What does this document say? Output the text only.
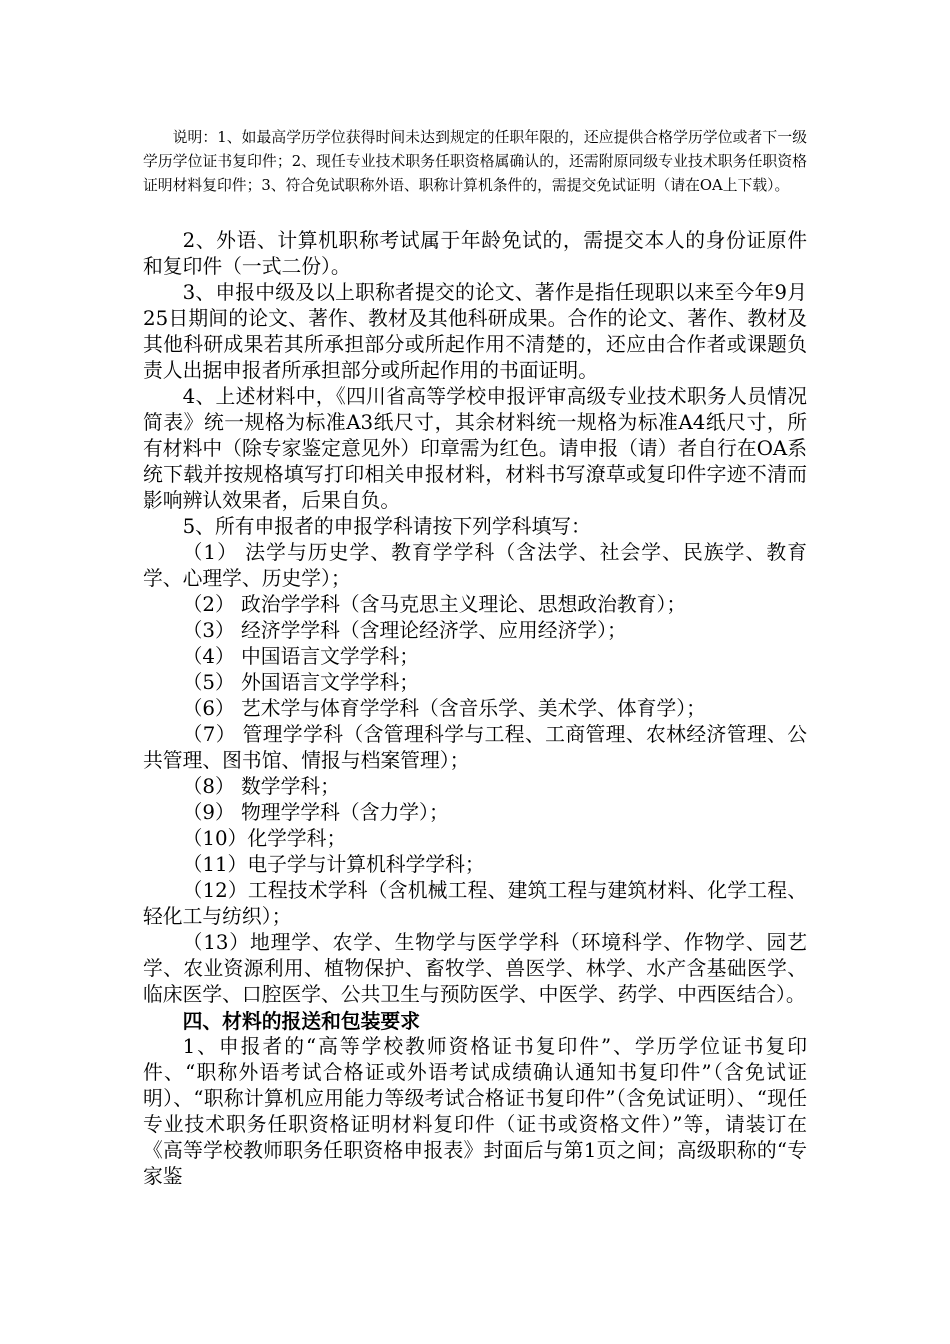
说明：1、如最高学历学位获得时间未达到规定的任职年限的，还应提供合格学历学位或者下一级学历学位证书复印件；2、现任专业技术职务任职资格属确认的，还需附原同级专业技术职务任职资格证明材料复印件；3、符合免试职称外语、职称计算机条件的，需提交免试证明（请在OA上下载）。

2、外语、计算机职称考试属于年龄免试的，需提交本人的身份证原件和复印件（一式二份）。

3、申报中级及以上职称者提交的论文、著作是指任现职以来至今年9月25日期间的论文、著作、教材及其他科研成果。合作的论文、著作、教材及其他科研成果若其所承担部分或所起作用不清楚的，还应由合作者或课题负责人出据申报者所承担部分或所起作用的书面证明。

4、上述材料中，《四川省高等学校申报评审高级专业技术职务人员情况简表》统一规格为标准A3纸尺寸，其余材料统一规格为标准A4纸尺寸，所有材料中（除专家鉴定意见外）印章需为红色。请申报（请）者自行在OA系统下载并按规格填写打印相关申报材料，材料书写潦草或复印件字迹不清而影响辨认效果者，后果自负。

5、所有申报者的申报学科请按下列学科填写：

（1） 法学与历史学、教育学学科（含法学、社会学、民族学、教育学、心理学、历史学）；

（2） 政治学学科（含马克思主义理论、思想政治教育）；

（3） 经济学学科（含理论经济学、应用经济学）；

（4） 中国语言文学学科；

（5） 外国语言文学学科；

（6） 艺术学与体育学学科（含音乐学、美术学、体育学）；

（7） 管理学学科（含管理科学与工程、工商管理、农林经济管理、公共管理、图书馆、情报与档案管理）；

（8） 数学学科；

（9） 物理学学科（含力学）；

（10）化学学科；

（11）电子学与计算机科学学科；

（12）工程技术学科（含机械工程、建筑工程与建筑材料、化学工程、轻化工与纺织）；

（13）地理学、农学、生物学与医学学科（环境科学、作物学、园艺学、农业资源利用、植物保护、畜牧学、兽医学、林学、水产含基础医学、临床医学、口腔医学、公共卫生与预防医学、中医学、药学、中西医结合）。

四、材料的报送和包装要求

1、申报者的“高等学校教师资格证书复印件”、学历学位证书复印件、“职称外语考试合格证或外语考试成绩确认通知书复印件”（含免试证明）、“职称计算机应用能力等级考试合格证书复印件”（含免试证明）、“现任专业技术职务任职资格证明材料复印件（证书或资格文件）”等，请装订在《高等学校教师职务任职资格申报表》封面后与第1页之间；高级职称的“专家鉴
